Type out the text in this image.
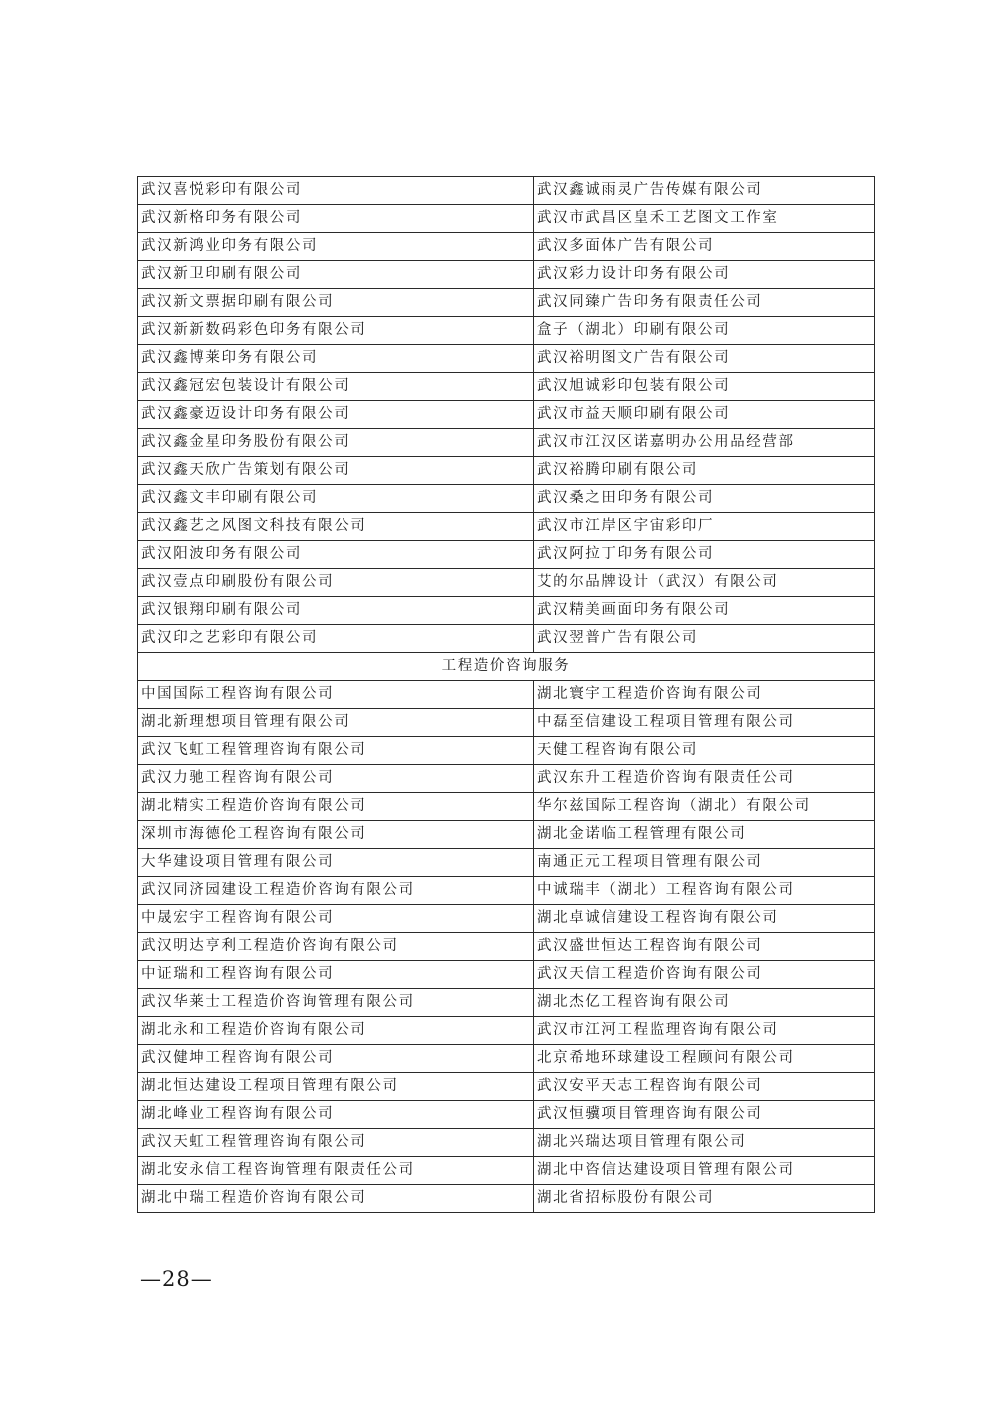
武汉喜悦彩印有限公司	武汉鑫诚雨灵广告传媒有限公司
武汉新格印务有限公司	武汉市武昌区皇禾工艺图文工作室
武汉新鸿业印务有限公司	武汉多面体广告有限公司
武汉新卫印刷有限公司	武汉彩力设计印务有限公司
武汉新文票据印刷有限公司	武汉同臻广告印务有限责任公司
武汉新新数码彩色印务有限公司	盒子（湖北）印刷有限公司
武汉鑫博莱印务有限公司	武汉裕明图文广告有限公司
武汉鑫冠宏包装设计有限公司	武汉旭诚彩印包装有限公司
武汉鑫豪迈设计印务有限公司	武汉市益天顺印刷有限公司
武汉鑫金星印务股份有限公司	武汉市江汉区诺嘉明办公用品经营部
武汉鑫天欣广告策划有限公司	武汉裕腾印刷有限公司
武汉鑫文丰印刷有限公司	武汉桑之田印务有限公司
武汉鑫艺之风图文科技有限公司	武汉市江岸区宇宙彩印厂
武汉阳波印务有限公司	武汉阿拉丁印务有限公司
武汉壹点印刷股份有限公司	艾的尔品牌设计（武汉）有限公司
武汉银翔印刷有限公司	武汉精美画面印务有限公司
武汉印之艺彩印有限公司	武汉翌普广告有限公司
工程造价咨询服务	
中国国际工程咨询有限公司	湖北寰宇工程造价咨询有限公司
湖北新理想项目管理有限公司	中磊至信建设工程项目管理有限公司
武汉飞虹工程管理咨询有限公司	天健工程咨询有限公司
武汉力驰工程咨询有限公司	武汉东升工程造价咨询有限责任公司
湖北精实工程造价咨询有限公司	华尔兹国际工程咨询（湖北）有限公司
深圳市海德伦工程咨询有限公司	湖北金诺临工程管理有限公司
大华建设项目管理有限公司	南通正元工程项目管理有限公司
武汉同济园建设工程造价咨询有限公司	中诚瑞丰（湖北）工程咨询有限公司
中晟宏宇工程咨询有限公司	湖北卓诚信建设工程咨询有限公司
武汉明达亨利工程造价咨询有限公司	武汉盛世恒达工程咨询有限公司
中证瑞和工程咨询有限公司	武汉天信工程造价咨询有限公司
武汉华莱士工程造价咨询管理有限公司	湖北杰亿工程咨询有限公司
湖北永和工程造价咨询有限公司	武汉市江河工程监理咨询有限公司
武汉健坤工程咨询有限公司	北京希地环球建设工程顾问有限公司
湖北恒达建设工程项目管理有限公司	武汉安平天志工程咨询有限公司
湖北峰业工程咨询有限公司	武汉恒骥项目管理咨询有限公司
武汉天虹工程管理咨询有限公司	湖北兴瑞达项目管理有限公司
湖北安永信工程咨询管理有限责任公司	湖北中咨信达建设项目管理有限公司
湖北中瑞工程造价咨询有限公司	湖北省招标股份有限公司
—28—
